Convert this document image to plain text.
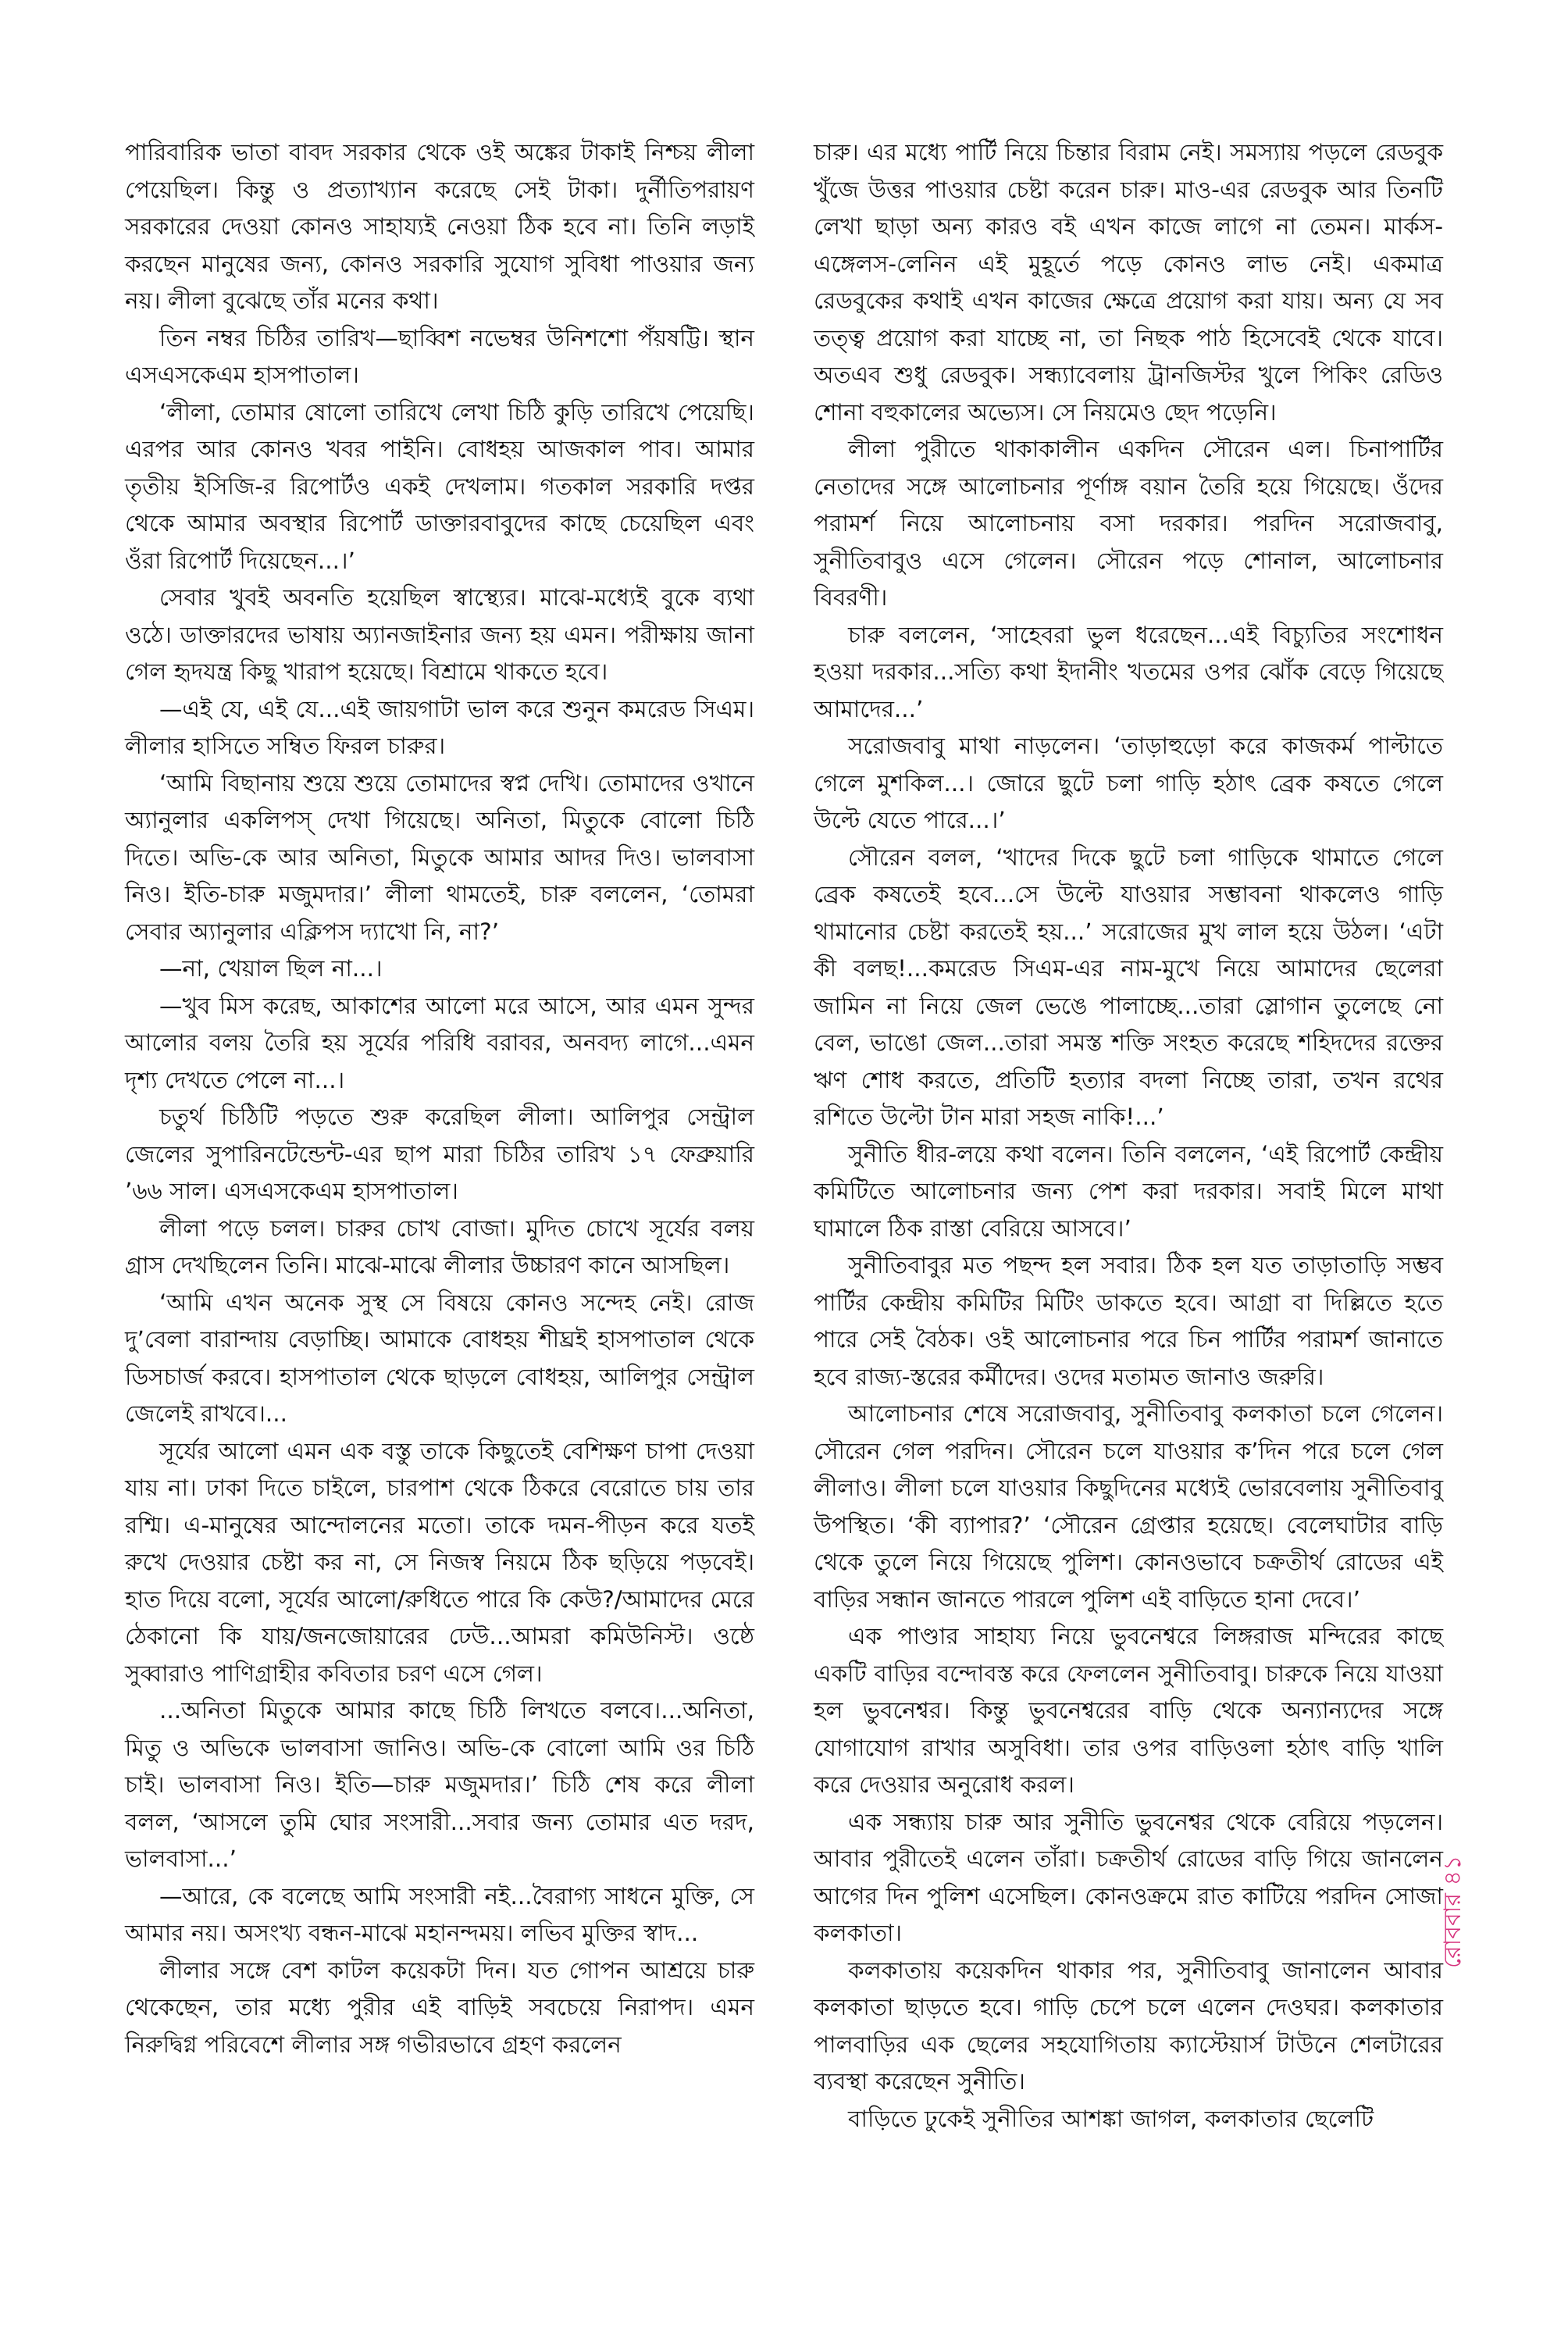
পারিবারিক ভাতা বাবদ সরকার থেকে ওই অঙ্কের টাকাই নিশ্চয় লীলা পেয়েছিল। কিন্তু ও প্রত্যাখ্যান করেছে সেই টাকা। দুর্নীতিপরায়ণ সরকারের দেওয়া কোনও সাহায্যই নেওয়া ঠিক হবে না। তিনি লড়াই করছেন মানুষের জন্য, কোনও সরকারি সুযোগ সুবিধা পাওয়ার জন্য নয়। লীলা বুঝেছে তাঁর মনের কথা।

তিন নম্বর চিঠির তারিখ—ছাব্বিশ নভেম্বর উনিশশো পঁয়ষট্টি। স্থান এসএসকেএম হাসপাতাল।

‘লীলা, তোমার ষোলো তারিখে লেখা চিঠি কুড়ি তারিখে পেয়েছি। এরপর আর কোনও খবর পাইনি। বোধহয় আজকাল পাব। আমার তৃতীয় ইসিজি-র রিপোর্টও একই দেখলাম। গতকাল সরকারি দপ্তর থেকে আমার অবস্থার রিপোর্ট ডাক্তারবাবুদের কাছে চেয়েছিল এবং ওঁরা রিপোর্ট দিয়েছেন...।’

সেবার খুবই অবনতি হয়েছিল স্বাস্থ্যের। মাঝে-মধ্যেই বুকে ব্যথা ওঠে। ডাক্তারদের ভাষায় অ্যানজাইনার জন্য হয় এমন। পরীক্ষায় জানা গেল হৃদযন্ত্র কিছু খারাপ হয়েছে। বিশ্রামে থাকতে হবে।

—এই যে, এই যে...এই জায়গাটা ভাল করে শুনুন কমরেড সিএম। লীলার হাসিতে সম্বিত ফিরল চারুর।

‘আমি বিছানায় শুয়ে শুয়ে তোমাদের স্বপ্ন দেখি। তোমাদের ওখানে অ্যানুলার একলিপস্ দেখা গিয়েছে। অনিতা, মিতুকে বোলো চিঠি দিতে। অভি-কে আর অনিতা, মিতুকে আমার আদর দিও। ভালবাসা নিও। ইতি-চারু মজুমদার।’ লীলা থামতেই, চারু বললেন, ‘তোমরা সেবার অ্যানুলার এক্লিপস দ্যাখো নি, না?’

—না, খেয়াল ছিল না...।

—খুব মিস করেছ, আকাশের আলো মরে আসে, আর এমন সুন্দর আলোর বলয় তৈরি হয় সূর্যের পরিধি বরাবর, অনবদ্য লাগে...এমন দৃশ্য দেখতে পেলে না...।

চতুর্থ চিঠিটি পড়তে শুরু করেছিল লীলা। আলিপুর সেন্ট্রাল জেলের সুপারিনটেন্ডেন্ট-এর ছাপ মারা চিঠির তারিখ ১৭ ফেব্রুয়ারি ’৬৬ সাল। এসএসকেএম হাসপাতাল।

লীলা পড়ে চলল। চারুর চোখ বোজা। মুদিত চোখে সূর্যের বলয় গ্রাস দেখছিলেন তিনি। মাঝে-মাঝে লীলার উচ্চারণ কানে আসছিল।

‘আমি এখন অনেক সুস্থ সে বিষয়ে কোনও সন্দেহ নেই। রোজ দু’বেলা বারান্দায় বেড়াচ্ছি। আমাকে বোধহয় শীঘ্রই হাসপাতাল থেকে ডিসচার্জ করবে। হাসপাতাল থেকে ছাড়লে বোধহয়, আলিপুর সেন্ট্রাল জেলেই রাখবে।...

সূর্যের আলো এমন এক বস্তু তাকে কিছুতেই বেশিক্ষণ চাপা দেওয়া যায় না। ঢাকা দিতে চাইলে, চারপাশ থেকে ঠিকরে বেরোতে চায় তার রশ্মি। এ-মানুষের আন্দোলনের মতো। তাকে দমন-পীড়ন করে যতই রুখে দেওয়ার চেষ্টা কর না, সে নিজস্ব নিয়মে ঠিক ছড়িয়ে পড়বেই। হাত দিয়ে বলো, সূর্যের আলো/রুধিতে পারে কি কেউ?/আমাদের মেরে ঠেকানো কি যায়/জনজোয়ারের ঢেউ...আমরা কমিউনিস্ট। ওষ্ঠে সুব্বারাও পাণিগ্রাহীর কবিতার চরণ এসে গেল।

...অনিতা মিতুকে আমার কাছে চিঠি লিখতে বলবে।...অনিতা, মিতু ও অভিকে ভালবাসা জানিও। অভি-কে বোলো আমি ওর চিঠি চাই। ভালবাসা নিও। ইতি—চারু মজুমদার।’ চিঠি শেষ করে লীলা বলল, ‘আসলে তুমি ঘোর সংসারী...সবার জন্য তোমার এত দরদ, ভালবাসা...’

—আরে, কে বলেছে আমি সংসারী নই...বৈরাগ্য সাধনে মুক্তি, সে আমার নয়। অসংখ্য বন্ধন-মাঝে মহানন্দময়। লভিব মুক্তির স্বাদ...

লীলার সঙ্গে বেশ কাটল কয়েকটা দিন। যত গোপন আশ্রয়ে চারু থেকেছেন, তার মধ্যে পুরীর এই বাড়িই সবচেয়ে নিরাপদ। এমন নিরুদ্বিগ্ন পরিবেশে লীলার সঙ্গ গভীরভাবে গ্রহণ করলেন

চারু। এর মধ্যে পার্টি নিয়ে চিন্তার বিরাম নেই। সমস্যায় পড়লে রেডবুক খুঁজে উত্তর পাওয়ার চেষ্টা করেন চারু। মাও-এর রেডবুক আর তিনটি লেখা ছাড়া অন্য কারও বই এখন কাজে লাগে না তেমন। মার্কস-এঙ্গেলস-লেনিন এই মুহূর্তে পড়ে কোনও লাভ নেই। একমাত্র রেডবুকের কথাই এখন কাজের ক্ষেত্রে প্রয়োগ করা যায়। অন্য যে সব তত্ত্ব প্রয়োগ করা যাচ্ছে না, তা নিছক পাঠ হিসেবেই থেকে যাবে। অতএব শুধু রেডবুক। সন্ধ্যাবেলায় ট্রানজিস্টর খুলে পিকিং রেডিও শোনা বহুকালের অভ্যেস। সে নিয়মেও ছেদ পড়েনি।

লীলা পুরীতে থাকাকালীন একদিন সৌরেন এল। চিনাপার্টির নেতাদের সঙ্গে আলোচনার পূর্ণাঙ্গ বয়ান তৈরি হয়ে গিয়েছে। ওঁদের পরামর্শ নিয়ে আলোচনায় বসা দরকার। পরদিন সরোজবাবু, সুনীতিবাবুও এসে গেলেন। সৌরেন পড়ে শোনাল, আলোচনার বিবরণী।

চারু বললেন, ‘সাহেবরা ভুল ধরেছেন...এই বিচ্যুতির সংশোধন হওয়া দরকার...সত্যি কথা ইদানীং খতমের ওপর ঝোঁক বেড়ে গিয়েছে আমাদের...’

সরোজবাবু মাথা নাড়লেন। ‘তাড়াহুড়ো করে কাজকর্ম পাল্টাতে গেলে মুশকিল...। জোরে ছুটে চলা গাড়ি হঠাৎ ব্রেক কষতে গেলে উল্টে যেতে পারে...।’

সৌরেন বলল, ‘খাদের দিকে ছুটে চলা গাড়িকে থামাতে গেলে ব্রেক কষতেই হবে...সে উল্টে যাওয়ার সম্ভাবনা থাকলেও গাড়ি থামানোর চেষ্টা করতেই হয়...’ সরোজের মুখ লাল হয়ে উঠল। ‘এটা কী বলছ!...কমরেড সিএম-এর নাম-মুখে নিয়ে আমাদের ছেলেরা জামিন না নিয়ে জেল ভেঙে পালাচ্ছে...তারা স্লোগান তুলেছে নো বেল, ভাঙো জেল...তারা সমস্ত শক্তি সংহত করেছে শহিদদের রক্তের ঋণ শোধ করতে, প্রতিটি হত্যার বদলা নিচ্ছে তারা, তখন রথের রশিতে উল্টো টান মারা সহজ নাকি!...’

সুনীতি ধীর-লয়ে কথা বলেন। তিনি বললেন, ‘এই রিপোর্ট কেন্দ্রীয় কমিটিতে আলোচনার জন্য পেশ করা দরকার। সবাই মিলে মাথা ঘামালে ঠিক রাস্তা বেরিয়ে আসবে।’

সুনীতিবাবুর মত পছন্দ হল সবার। ঠিক হল যত তাড়াতাড়ি সম্ভব পার্টির কেন্দ্রীয় কমিটির মিটিং ডাকতে হবে। আগ্রা বা দিল্লিতে হতে পারে সেই বৈঠক। ওই আলোচনার পরে চিন পার্টির পরামর্শ জানাতে হবে রাজ্য-স্তরের কর্মীদের। ওদের মতামত জানাও জরুরি।

আলোচনার শেষে সরোজবাবু, সুনীতিবাবু কলকাতা চলে গেলেন। সৌরেন গেল পরদিন। সৌরেন চলে যাওয়ার ক’দিন পরে চলে গেল লীলাও। লীলা চলে যাওয়ার কিছুদিনের মধ্যেই ভোরবেলায় সুনীতিবাবু উপস্থিত। ‘কী ব্যাপার?’ ‘সৌরেন গ্রেপ্তার হয়েছে। বেলেঘাটার বাড়ি থেকে তুলে নিয়ে গিয়েছে পুলিশ। কোনওভাবে চক্রতীর্থ রোডের এই বাড়ির সন্ধান জানতে পারলে পুলিশ এই বাড়িতে হানা দেবে।’

এক পাণ্ডার সাহায্য নিয়ে ভুবনেশ্বরে লিঙ্গরাজ মন্দিরের কাছে একটি বাড়ির বন্দোবস্ত করে ফেললেন সুনীতিবাবু। চারুকে নিয়ে যাওয়া হল ভুবনেশ্বর। কিন্তু ভুবনেশ্বরের বাড়ি থেকে অন্যান্যদের সঙ্গে যোগাযোগ রাখার অসুবিধা। তার ওপর বাড়িওলা হঠাৎ বাড়ি খালি করে দেওয়ার অনুরোধ করল।

এক সন্ধ্যায় চারু আর সুনীতি ভুবনেশ্বর থেকে বেরিয়ে পড়লেন। আবার পুরীতেই এলেন তাঁরা। চক্রতীর্থ রোডের বাড়ি গিয়ে জানলেন আগের দিন পুলিশ এসেছিল। কোনওক্রমে রাত কাটিয়ে পরদিন সোজা কলকাতা।

কলকাতায় কয়েকদিন থাকার পর, সুনীতিবাবু জানালেন আবার কলকাতা ছাড়তে হবে। গাড়ি চেপে চলে এলেন দেওঘর। কলকাতার পালবাড়ির এক ছেলের সহযোগিতায় ক্যাস্টেয়ার্স টাউনে শেলটারের ব্যবস্থা করেছেন সুনীতি।

বাড়িতে ঢুকেই সুনীতির আশঙ্কা জাগল, কলকাতার ছেলেটি

রোববার ৪১
